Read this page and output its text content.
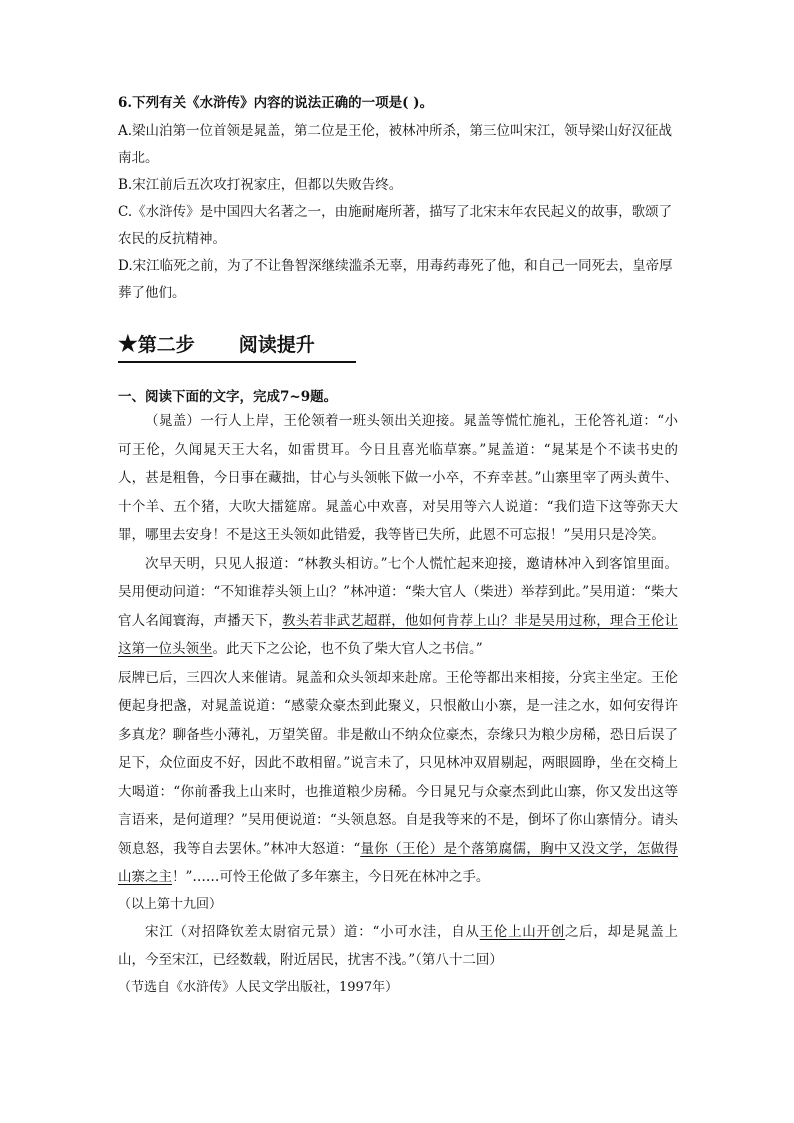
6.下列有关《水浒传》内容的说法正确的一项是( )。

A.梁山泊第一位首领是晁盖，第二位是王伦，被林冲所杀，第三位叫宋江，领导梁山好汉征战南北。

B.宋江前后五次攻打祝家庄，但都以失败告终。

C.《水浒传》是中国四大名著之一，由施耐庵所著，描写了北宋末年农民起义的故事，歌颂了农民的反抗精神。

D.宋江临死之前，为了不让鲁智深继续滥杀无辜，用毒药毒死了他，和自己一同死去，皇帝厚葬了他们。

★第二步 阅读提升
一、阅读下面的文字，完成7~9题。

（晁盖）一行人上岸，王伦领着一班头领出关迎接。晁盖等慌忙施礼，王伦答礼道：“小可王伦，久闻晁天王大名，如雷贯耳。今日且喜光临草寨。”晁盖道：“晁某是个不读书史的人，甚是粗鲁，今日事在藏拙，甘心与头领帐下做一小卒，不弃幸甚。”山寨里宰了两头黄牛、十个羊、五个猪，大吹大擂筵席。晁盖心中欢喜，对吴用等六人说道：“我们造下这等弥天大罪，哪里去安身！不是这王头领如此错爱，我等皆已失所，此恩不可忘报！”吴用只是冷笑。

次早天明，只见人报道：“林教头相访。”七个人慌忙起来迎接，邀请林冲入到客馆里面。吴用便动问道：“不知谁荐头领上山？”林冲道：“柴大官人（柴进）举荐到此。”吴用道：“柴大官人名闻寰海，声播天下，教头若非武艺超群，他如何肯荐上山？非是吴用过称，理合王伦让这第一位头领坐。此天下之公论，也不负了柴大官人之书信。”

辰牌已后，三四次人来催请。晁盖和众头领却来赴席。王伦等都出来相接，分宾主坐定。王伦便起身把盏，对晁盖说道：“感蒙众豪杰到此聚义，只恨敝山小寨，是一洼之水，如何安得许多真龙？聊备些小薄礼，万望笑留。非是敝山不纳众位豪杰，奈缘只为粮少房稀，恐日后误了足下，众位面皮不好，因此不敢相留。”说言未了，只见林冲双眉剔起，两眼圆睁，坐在交椅上大喝道：“你前番我上山来时，也推道粮少房稀。今日晁兄与众豪杰到此山寨，你又发出这等言语来，是何道理？”吴用便说道：“头领息怒。自是我等来的不是，倒坏了你山寨情分。请头领息怒，我等自去罢休。”林冲大怒道：“量你（王伦）是个落第腐儒，胸中又没文学，怎做得山寨之主！”……可怜王伦做了多年寨主，今日死在林冲之手。

（以上第十九回）

宋江（对招降钦差太尉宿元景）道：“小可水洼，自从王伦上山开创之后，却是晁盖上山，今至宋江，已经数载，附近居民，扰害不浅。”（第八十二回）

（节选自《水浒传》人民文学出版社，1997年）
